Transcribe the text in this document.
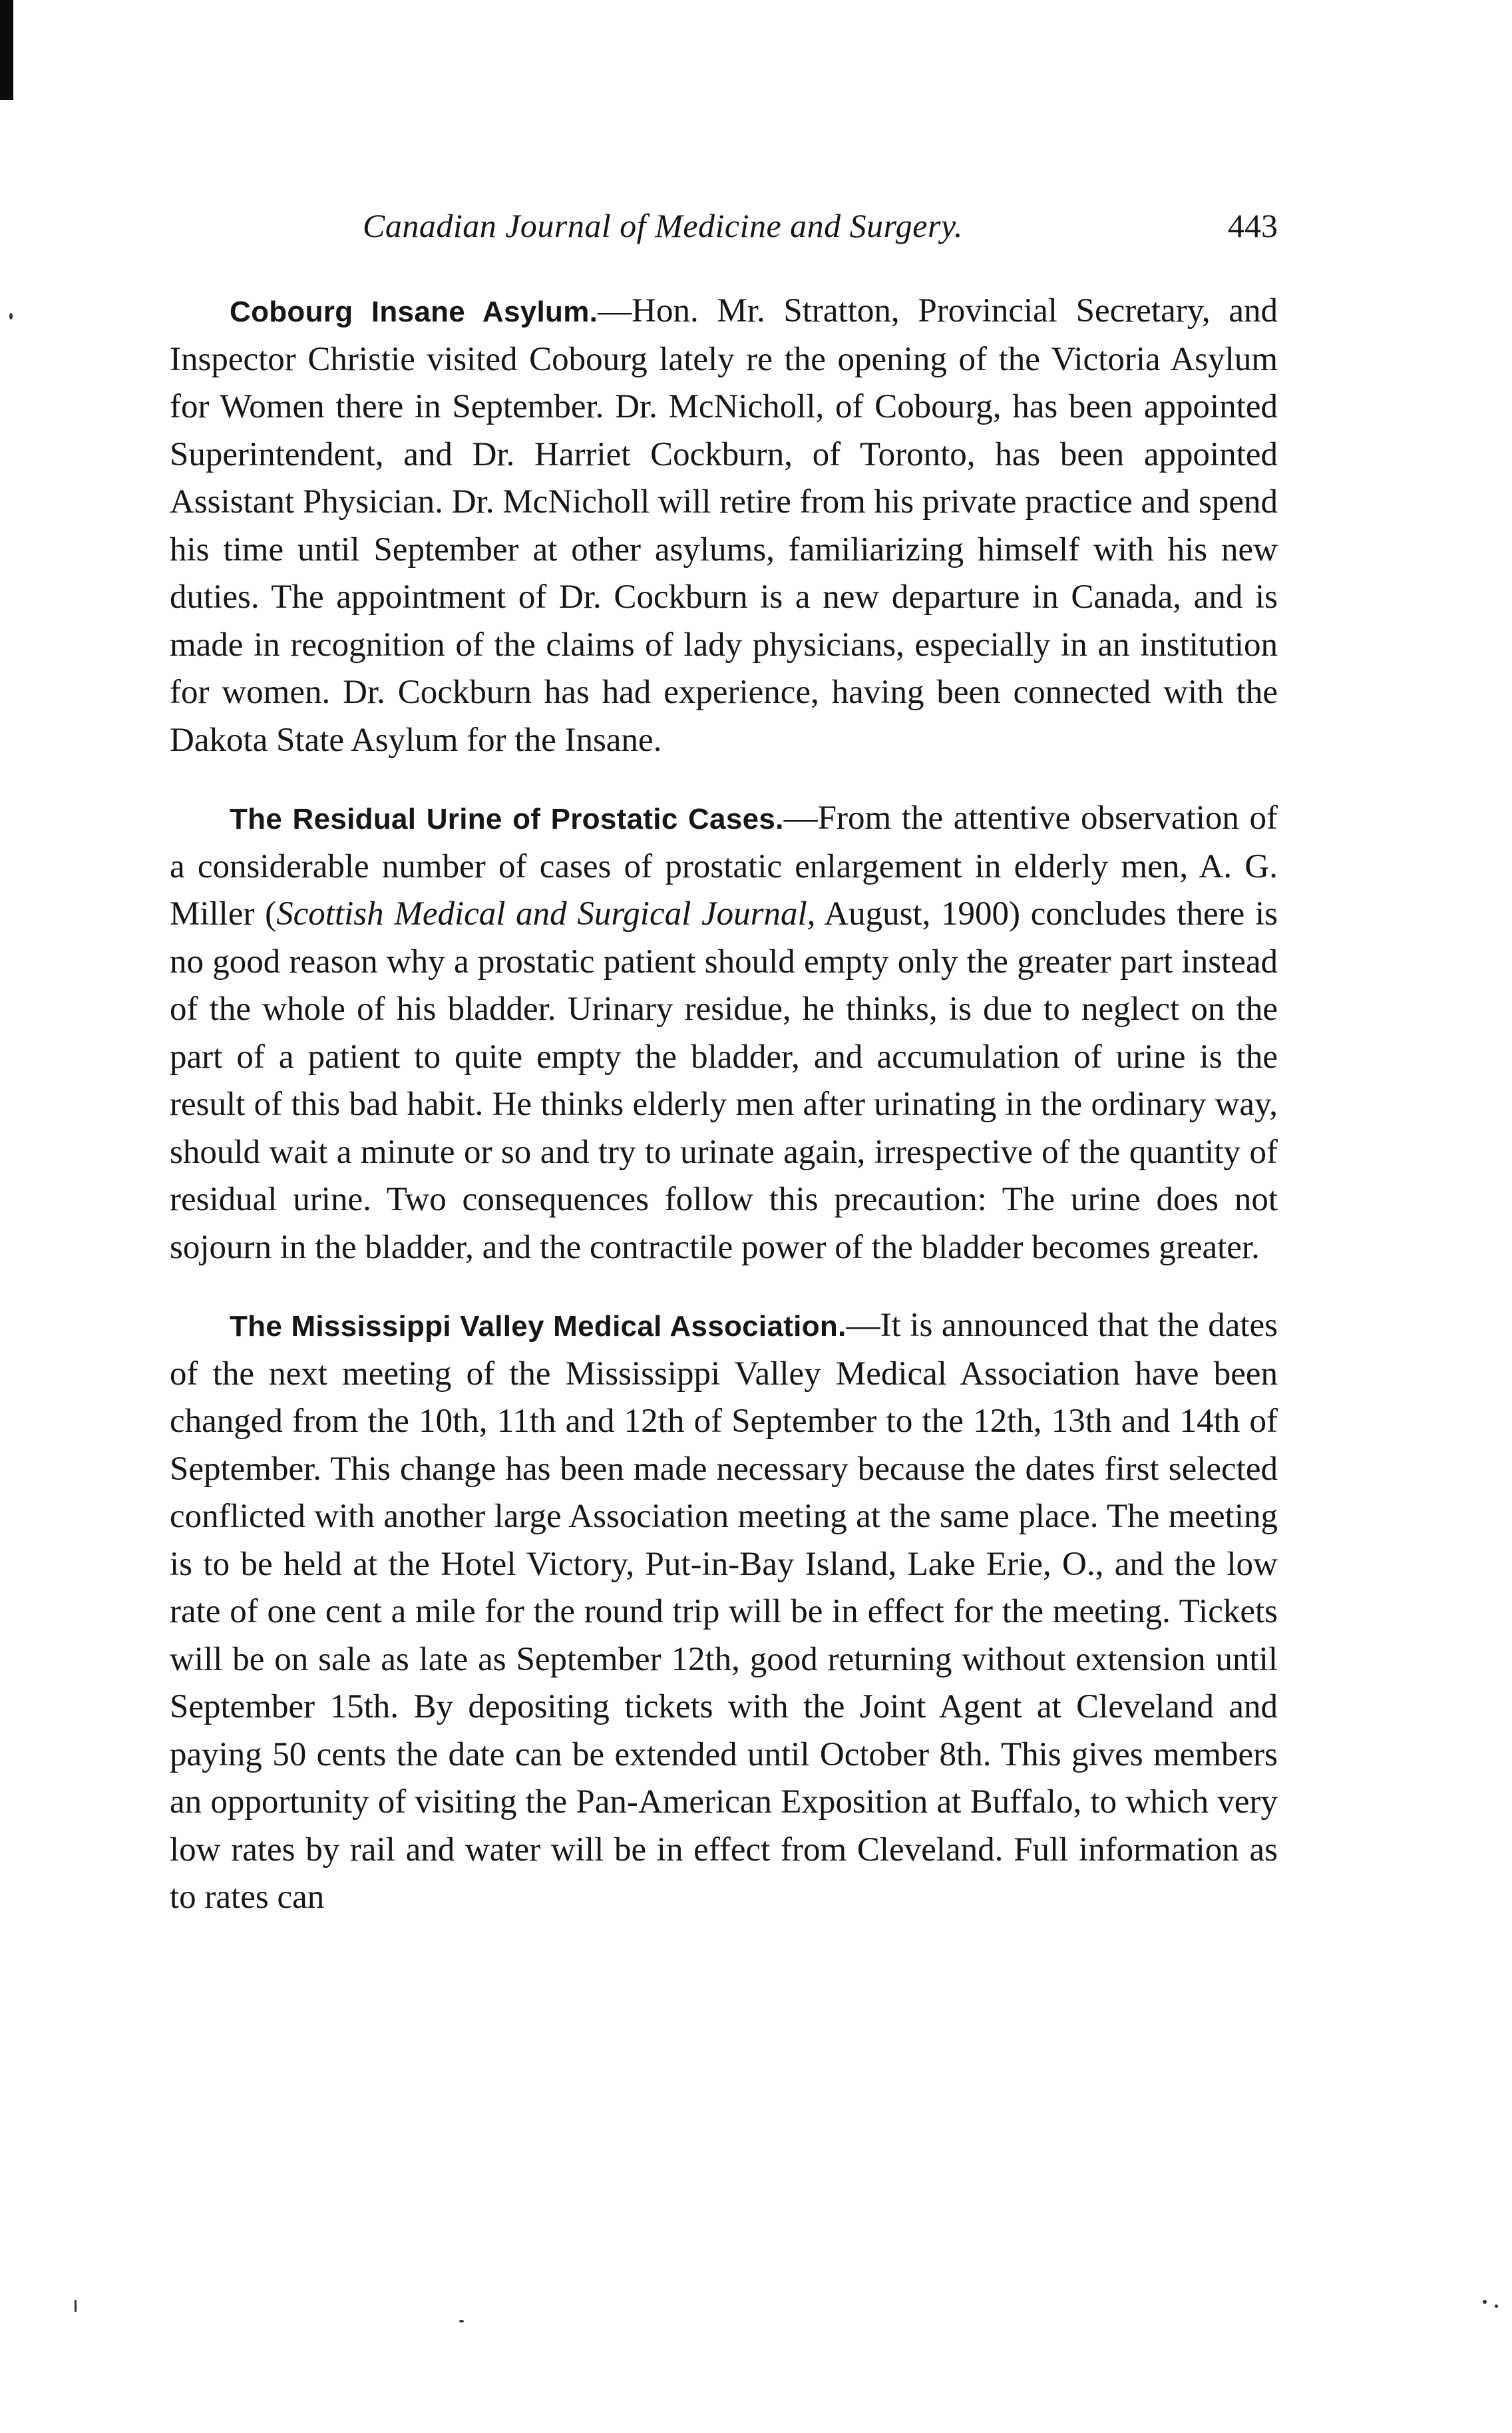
Canadian Journal of Medicine and Surgery.	443

Cobourg Insane Asylum.—Hon. Mr. Stratton, Provincial Secretary, and Inspector Christie visited Cobourg lately re the opening of the Victoria Asylum for Women there in September. Dr. McNicholl, of Cobourg, has been appointed Superintendent, and Dr. Harriet Cockburn, of Toronto, has been appointed Assistant Physician. Dr. McNicholl will retire from his private practice and spend his time until September at other asylums, familiarizing himself with his new duties. The appointment of Dr. Cockburn is a new departure in Canada, and is made in recognition of the claims of lady physicians, especially in an institution for women. Dr. Cockburn has had experience, having been connected with the Dakota State Asylum for the Insane.

The Residual Urine of Prostatic Cases.—From the attentive observation of a considerable number of cases of prostatic enlargement in elderly men, A. G. Miller (Scottish Medical and Surgical Journal, August, 1900) concludes there is no good reason why a prostatic patient should empty only the greater part instead of the whole of his bladder. Urinary residue, he thinks, is due to neglect on the part of a patient to quite empty the bladder, and accumulation of urine is the result of this bad habit. He thinks elderly men after urinating in the ordinary way, should wait a minute or so and try to urinate again, irrespective of the quantity of residual urine. Two consequences follow this precaution: The urine does not sojourn in the bladder, and the contractile power of the bladder becomes greater.

The Mississippi Valley Medical Association.—It is announced that the dates of the next meeting of the Mississippi Valley Medical Association have been changed from the 10th, 11th and 12th of September to the 12th, 13th and 14th of September. This change has been made necessary because the dates first selected conflicted with another large Association meeting at the same place. The meeting is to be held at the Hotel Victory, Put-in-Bay Island, Lake Erie, O., and the low rate of one cent a mile for the round trip will be in effect for the meeting. Tickets will be on sale as late as September 12th, good returning without extension until September 15th. By depositing tickets with the Joint Agent at Cleveland and paying 50 cents the date can be extended until October 8th. This gives members an opportunity of visiting the Pan-American Exposition at Buffalo, to which very low rates by rail and water will be in effect from Cleveland. Full information as to rates can
